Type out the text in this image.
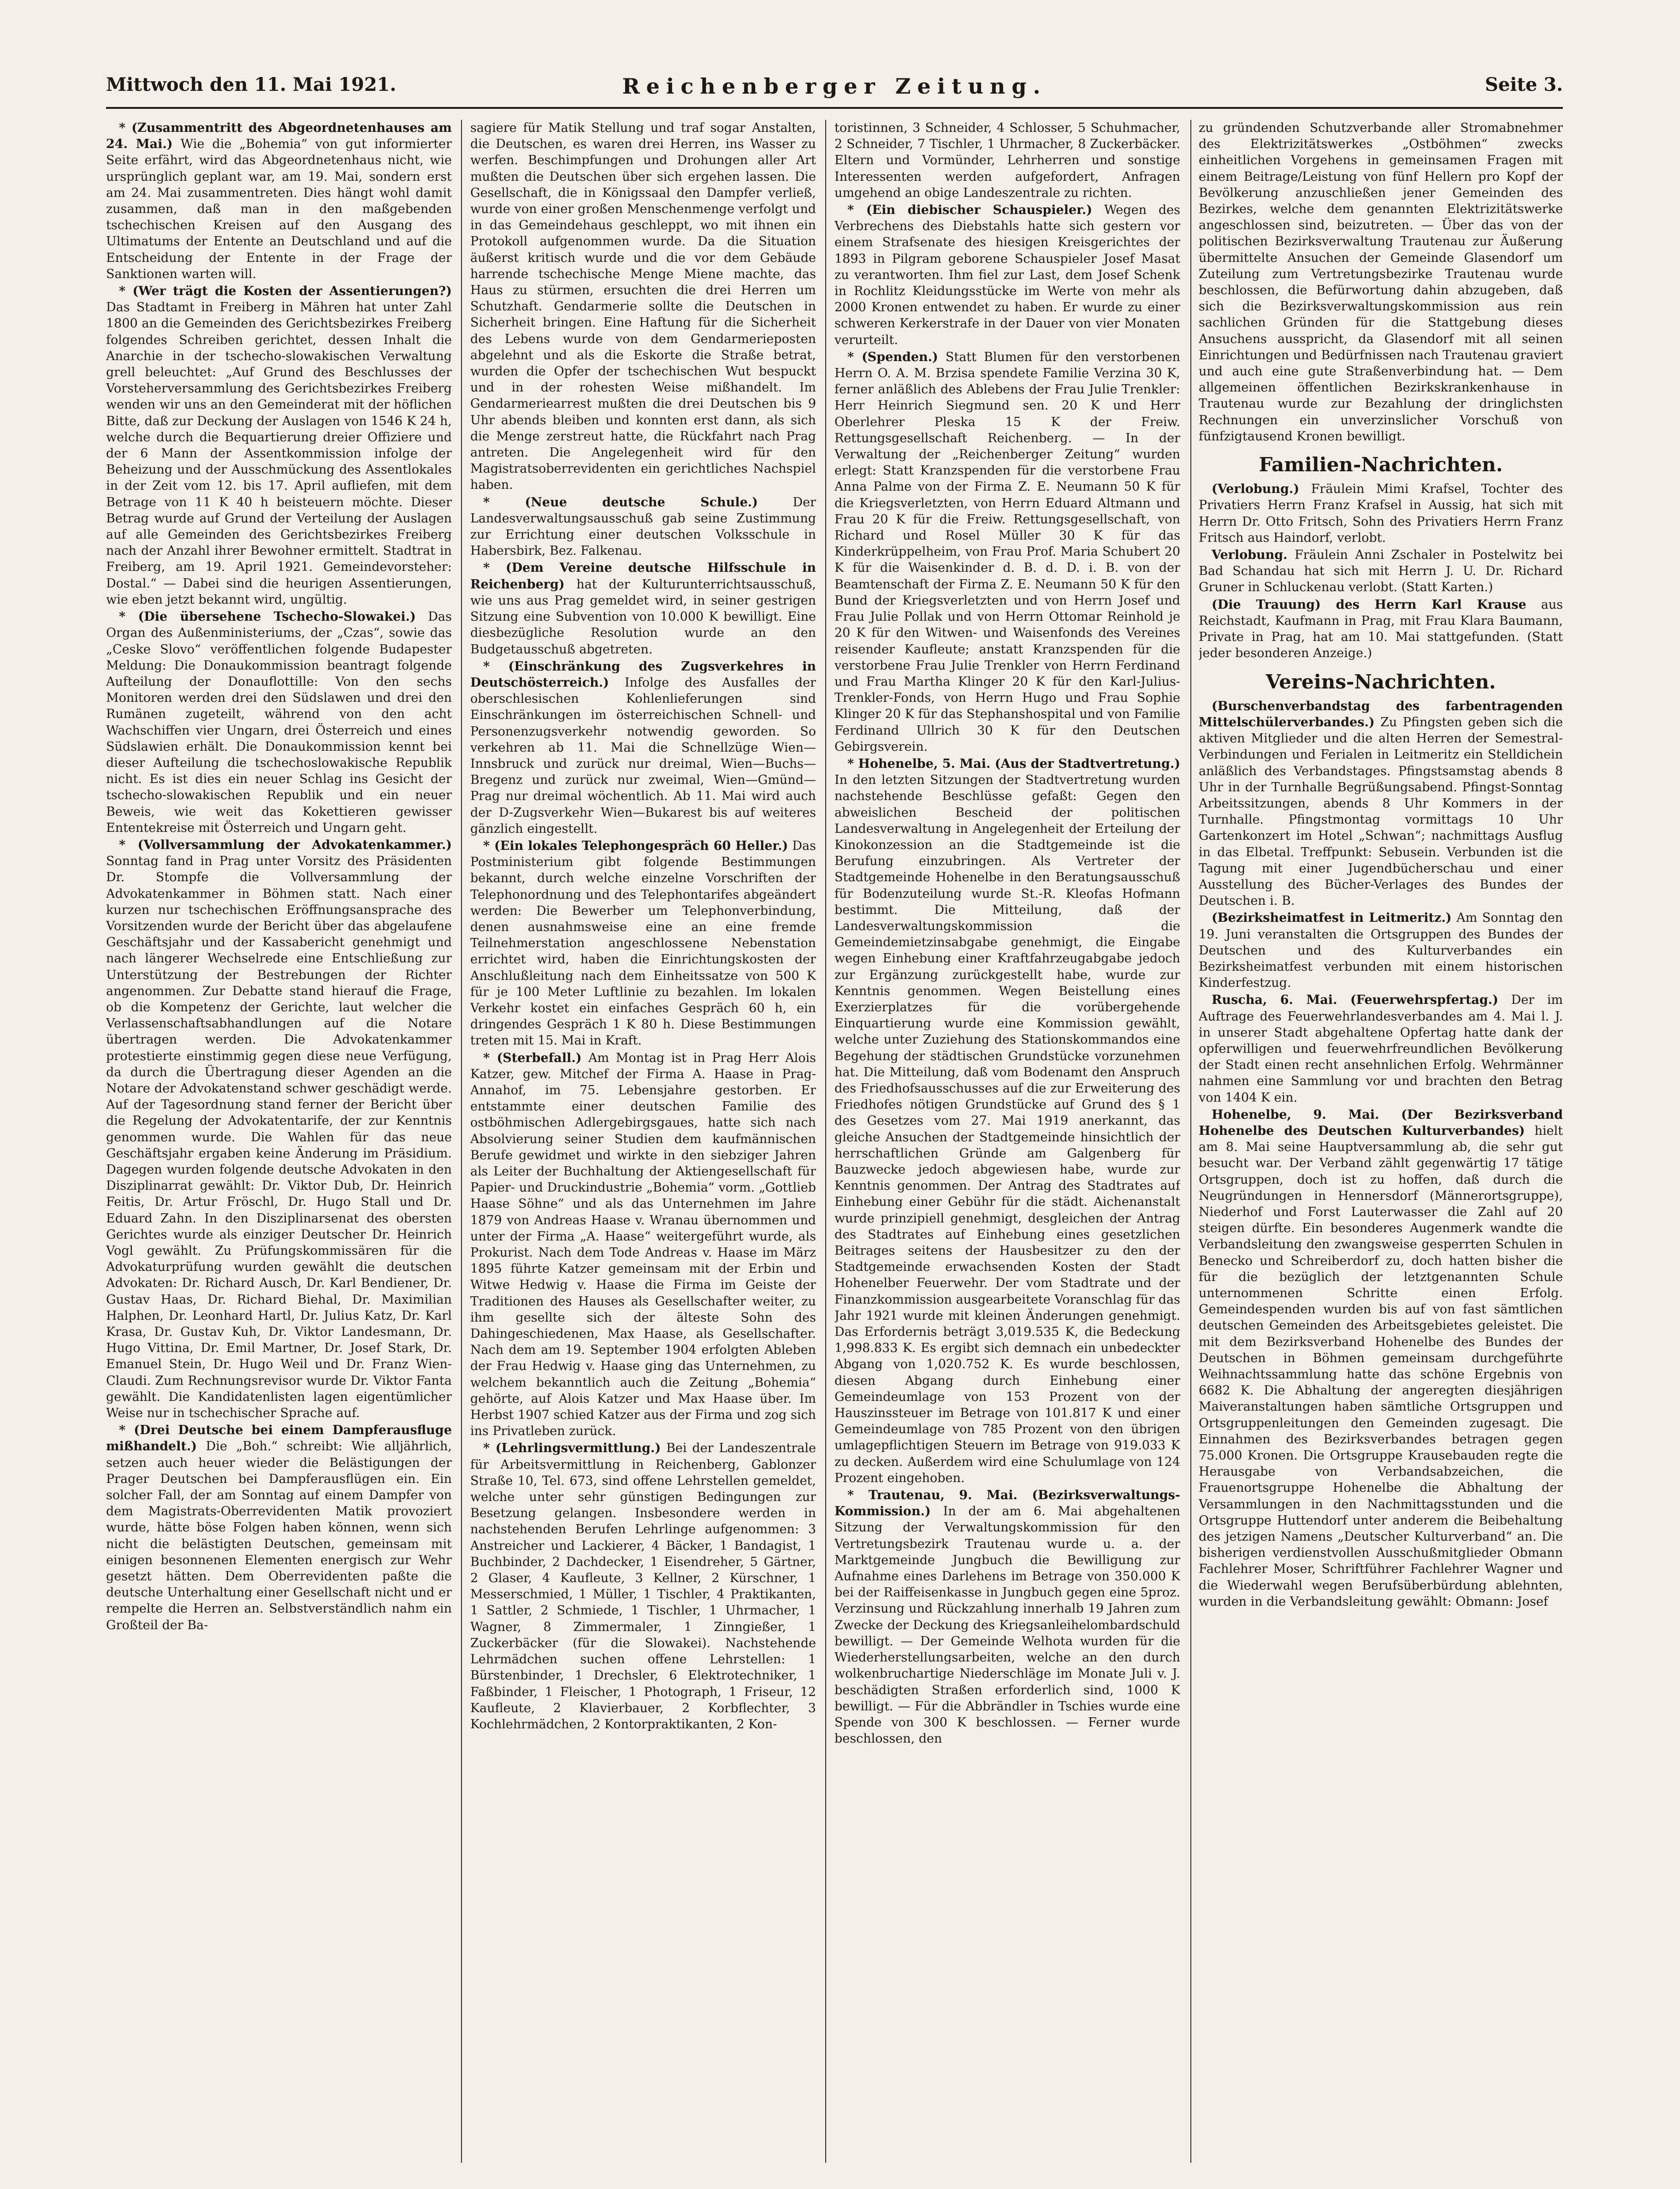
Mittwoch den 11. Mai 1921.	Reichenberger Zeitung.	Seite 3.

* (Zusammentritt des Abgeordnetenhauses am 24. Mai.) Wie die „Bohemia“ von gut informierter Seite erfährt, wird das Abgeordnetenhaus nicht, wie ursprünglich geplant war, am 19. Mai, sondern erst am 24. Mai zusammentreten. Dies hängt wohl damit zusammen, daß man in den maßgebenden tschechischen Kreisen auf den Ausgang des Ultimatums der Entente an Deutschland und auf die Entscheidung der Entente in der Frage der Sanktionen warten will.

* (Wer trägt die Kosten der Assentierungen?) Das Stadtamt in Freiberg in Mähren hat unter Zahl 1800 an die Gemeinden des Gerichtsbezirkes Freiberg folgendes Schreiben gerichtet, dessen Inhalt die Anarchie in der tschecho-slowakischen Verwaltung grell beleuchtet: „Auf Grund des Beschlusses der Vorsteherversammlung des Gerichtsbezirkes Freiberg wenden wir uns an den Gemeinderat mit der höflichen Bitte, daß zur Deckung der Auslagen von 1546 K 24 h, welche durch die Bequartierung dreier Offiziere und der 6 Mann der Assentkommission infolge der Beheizung und der Ausschmückung des Assentlokales in der Zeit vom 12. bis 17. April aufliefen, mit dem Betrage von 11 K 40 h beisteuern möchte. Dieser Betrag wurde auf Grund der Verteilung der Auslagen auf alle Gemeinden des Gerichtsbezirkes Freiberg nach der Anzahl ihrer Bewohner ermittelt. Stadtrat in Freiberg, am 19. April 1921. Gemeindevorsteher: Dostal.“ — Dabei sind die heurigen Assentierungen, wie eben jetzt bekannt wird, ungültig.

* (Die übersehene Tschecho-Slowakei.) Das Organ des Außenministeriums, der „Czas“, sowie das „Ceske Slovo“ veröffentlichen folgende Budapester Meldung: Die Donaukommission beantragt folgende Aufteilung der Donauflottille: Von den sechs Monitoren werden drei den Südslawen und drei den Rumänen zugeteilt, während von den acht Wachschiffen vier Ungarn, drei Österreich und eines Südslawien erhält. Die Donaukommission kennt bei dieser Aufteilung die tschechoslowakische Republik nicht. Es ist dies ein neuer Schlag ins Gesicht der tschecho-slowakischen Republik und ein neuer Beweis, wie weit das Kokettieren gewisser Ententekreise mit Österreich und Ungarn geht.

* (Vollversammlung der Advokatenkammer.) Sonntag fand in Prag unter Vorsitz des Präsidenten Dr. Stompfe die Vollversammlung der Advokatenkammer in Böhmen statt. Nach einer kurzen nur tschechischen Eröffnungsansprache des Vorsitzenden wurde der Bericht über das abgelaufene Geschäftsjahr und der Kassabericht genehmigt und nach längerer Wechselrede eine Entschließung zur Unterstützung der Bestrebungen der Richter angenommen. Zur Debatte stand hierauf die Frage, ob die Kompetenz der Gerichte, laut welcher die Verlassenschaftsabhandlungen auf die Notare übertragen werden. Die Advokatenkammer protestierte einstimmig gegen diese neue Verfügung, da durch die Übertragung dieser Agenden an die Notare der Advokatenstand schwer geschädigt werde. Auf der Tagesordnung stand ferner der Bericht über die Regelung der Advokatentarife, der zur Kenntnis genommen wurde. Die Wahlen für das neue Geschäftsjahr ergaben keine Änderung im Präsidium. Dagegen wurden folgende deutsche Advokaten in den Disziplinarrat gewählt: Dr. Viktor Dub, Dr. Heinrich Feitis, Dr. Artur Fröschl, Dr. Hugo Stall und Dr. Eduard Zahn. In den Disziplinarsenat des obersten Gerichtes wurde als einziger Deutscher Dr. Heinrich Vogl gewählt. Zu Prüfungskommissären für die Advokaturprüfung wurden gewählt die deutschen Advokaten: Dr. Richard Ausch, Dr. Karl Bendiener, Dr. Gustav Haas, Dr. Richard Biehal, Dr. Maximilian Halphen, Dr. Leonhard Hartl, Dr. Julius Katz, Dr. Karl Krasa, Dr. Gustav Kuh, Dr. Viktor Landesmann, Dr. Hugo Vittina, Dr. Emil Martner, Dr. Josef Stark, Dr. Emanuel Stein, Dr. Hugo Weil und Dr. Franz Wien-Claudi. Zum Rechnungsrevisor wurde Dr. Viktor Fanta gewählt. Die Kandidatenlisten lagen eigentümlicher Weise nur in tschechischer Sprache auf.

* (Drei Deutsche bei einem Dampferausfluge mißhandelt.) Die „Boh.“ schreibt: Wie alljährlich, setzen auch heuer wieder die Belästigungen der Prager Deutschen bei Dampferausflügen ein. Ein solcher Fall, der am Sonntag auf einem Dampfer von dem Magistrats-Oberrevidenten Matik provoziert wurde, hätte böse Folgen haben können, wenn sich nicht die belästigten Deutschen, gemeinsam mit einigen besonnenen Elementen energisch zur Wehr gesetzt hätten. Dem Oberrevidenten paßte die deutsche Unterhaltung einer Gesellschaft nicht und er rempelte die Herren an. Selbstverständlich nahm ein Großteil der Ba-

sagiere für Matik Stellung und traf sogar Anstalten, die Deutschen, es waren drei Herren, ins Wasser zu werfen. Beschimpfungen und Drohungen aller Art mußten die Deutschen über sich ergehen lassen. Die Gesellschaft, die in Königssaal den Dampfer verließ, wurde von einer großen Menschenmenge verfolgt und in das Gemeindehaus geschleppt, wo mit ihnen ein Protokoll aufgenommen wurde. Da die Situation äußerst kritisch wurde und die vor dem Gebäude harrende tschechische Menge Miene machte, das Haus zu stürmen, ersuchten die drei Herren um Schutzhaft. Gendarmerie sollte die Deutschen in Sicherheit bringen. Eine Haftung für die Sicherheit des Lebens wurde von dem Gendarmerieposten abgelehnt und als die Eskorte die Straße betrat, wurden die Opfer der tschechischen Wut bespuckt und in der rohesten Weise mißhandelt. Im Gendarmeriearrest mußten die drei Deutschen bis 9 Uhr abends bleiben und konnten erst dann, als sich die Menge zerstreut hatte, die Rückfahrt nach Prag antreten. Die Angelegenheit wird für den Magistratsoberrevidenten ein gerichtliches Nachspiel haben.

* (Neue deutsche Schule.)	Der Landesverwaltungsausschuß gab seine Zustimmung zur Errichtung einer deutschen Volksschule in Habersbirk, Bez. Falkenau.

* (Dem Vereine deutsche Hilfsschule in Reichenberg) hat der Kulturunterrichtsausschuß, wie uns aus Prag gemeldet wird, in seiner gestrigen Sitzung eine Subvention von 10.000 K bewilligt. Eine diesbezügliche Resolution wurde an den Budgetausschuß abgetreten.

* (Einschränkung des Zugsverkehres in Deutschösterreich.) Infolge des Ausfalles der oberschlesischen Kohlenlieferungen sind Einschränkungen im österreichischen Schnell- und Personenzugsverkehr notwendig geworden. So verkehren ab 11. Mai die Schnellzüge Wien—Innsbruck und zurück nur dreimal, Wien—Buchs—Bregenz und zurück nur zweimal, Wien—Gmünd—Prag nur dreimal wöchentlich. Ab 11. Mai wird auch der D-Zugsverkehr Wien—Bukarest bis auf weiteres gänzlich eingestellt.

* (Ein lokales Telephongespräch 60 Heller.) Das Postministerium gibt folgende Bestimmungen bekannt, durch welche einzelne Vorschriften der Telephonordnung und des Telephontarifes abgeändert werden: Die Bewerber um Telephonverbindung, denen ausnahmsweise eine an eine fremde Teilnehmerstation angeschlossene Nebenstation errichtet wird, haben die Einrichtungskosten der Anschlußleitung nach dem Einheitssatze von 500 K für je 100 Meter Luftlinie zu bezahlen. Im lokalen Verkehr kostet ein einfaches Gespräch 60 h, ein dringendes Gespräch 1 K 80 h. Diese Bestimmungen treten mit 15. Mai in Kraft.

* (Sterbefall.) Am Montag ist in Prag Herr Alois Katzer, gew. Mitchef der Firma A. Haase in Prag-Annahof, im 75. Lebensjahre gestorben. Er entstammte einer deutschen Familie des ostböhmischen Adlergebirgsgaues, hatte sich nach Absolvierung seiner Studien dem kaufmännischen Berufe gewidmet und wirkte in den siebziger Jahren als Leiter der Buchhaltung der Aktiengesellschaft für Papier- und Druckindustrie „Bohemia“ vorm. „Gottlieb Haase Söhne“ und als das Unternehmen im Jahre 1879 von Andreas Haase v. Wranau übernommen und unter der Firma „A. Haase“ weitergeführt wurde, als Prokurist. Nach dem Tode Andreas v. Haase im März 1895 führte Katzer gemeinsam mit der Erbin und Witwe Hedwig v. Haase die Firma im Geiste der Traditionen des Hauses als Gesellschafter weiter, zu ihm gesellte sich der älteste Sohn des Dahingeschiedenen, Max Haase, als Gesellschafter. Nach dem am 19. September 1904 erfolgten Ableben der Frau Hedwig v. Haase ging das Unternehmen, zu welchem bekanntlich auch die Zeitung „Bohemia“ gehörte, auf Alois Katzer und Max Haase über. Im Herbst 1907 schied Katzer aus der Firma und zog sich ins Privatleben zurück.

* (Lehrlingsvermittlung.) Bei der Landeszentrale für Arbeitsvermittlung in Reichenberg, Gablonzer Straße 10, Tel. 673, sind offene Lehrstellen gemeldet, welche unter sehr günstigen Bedingungen zur Besetzung gelangen. Insbesondere werden in nachstehenden Berufen Lehrlinge aufgenommen: 3 Anstreicher und Lackierer, 4 Bäcker, 1 Bandagist, 1 Buchbinder, 2 Dachdecker, 1 Eisendreher, 5 Gärtner, 2 Glaser, 4 Kaufleute, 3 Kellner, 2 Kürschner, 1 Messerschmied, 1 Müller, 1 Tischler, 4 Praktikanten, 1 Sattler, 2 Schmiede, 1 Tischler, 1 Uhrmacher, 1 Wagner, 8 Zimmermaler, 1 Zinngießer, 1 Zuckerbäcker (für die Slowakei). Nachstehende Lehrmädchen suchen offene Lehrstellen: 1 Bürstenbinder, 1 Drechsler, 6 Elektrotechniker, 1 Faßbinder, 1 Fleischer, 1 Photograph, 1 Friseur, 12 Kaufleute, 2 Klavierbauer, 2 Korbflechter, 3 Kochlehrmädchen, 2 Kontorpraktikanten, 2 Kon-

toristinnen, 3 Schneider, 4 Schlosser, 5 Schuhmacher, 2 Schneider, 7 Tischler, 1 Uhrmacher, 8 Zuckerbäcker. Eltern und Vormünder, Lehrherren und sonstige Interessenten werden aufgefordert, Anfragen umgehend an obige Landeszentrale zu richten.

* (Ein diebischer Schauspieler.) Wegen des Verbrechens des Diebstahls hatte sich gestern vor einem Strafsenate des hiesigen Kreisgerichtes der 1893 in Pilgram geborene Schauspieler Josef Masat zu verantworten. Ihm fiel zur Last, dem Josef Schenk in Rochlitz Kleidungsstücke im Werte von mehr als 2000 Kronen entwendet zu haben. Er wurde zu einer schweren Kerkerstrafe in der Dauer von vier Monaten verurteilt.

* (Spenden.) Statt Blumen für den verstorbenen Herrn O. A. M. Brzisa spendete Familie Verzina 30 K, ferner anläßlich des Ablebens der Frau Julie Trenkler: Herr Heinrich Siegmund sen. 20 K und Herr Oberlehrer Pleska 15 K der Freiw. Rettungsgesellschaft Reichenberg. — In der Verwaltung der „Reichenberger Zeitung“ wurden erlegt: Statt Kranzspenden für die verstorbene Frau Anna Palme von der Firma Z. E. Neumann 50 K für die Kriegsverletzten, von Herrn Eduard Altmann und Frau 20 K für die Freiw. Rettungsgesellschaft, von Richard und Rosel Müller 30 K für das Kinderkrüppelheim, von Frau Prof. Maria Schubert 20 K für die Waisenkinder d. B. d. D. i. B. von der Beamtenschaft der Firma Z. E. Neumann 50 K für den Bund der Kriegsverletzten und von Herrn Josef und Frau Julie Pollak und von Herrn Ottomar Reinhold je 20 K für den Witwen- und Waisenfonds des Vereines reisender Kaufleute; anstatt Kranzspenden für die verstorbene Frau Julie Trenkler von Herrn Ferdinand und Frau Martha Klinger 20 K für den Karl-Julius-Trenkler-Fonds, von Herrn Hugo und Frau Sophie Klinger 20 K für das Stephanshospital und von Familie Ferdinand Ullrich 30 K für den Deutschen Gebirgsverein.

* Hohenelbe, 5. Mai. (Aus der Stadtvertretung.) In den letzten Sitzungen der Stadtvertretung wurden nachstehende Beschlüsse gefaßt: Gegen den abweislichen Bescheid der politischen Landesverwaltung in Angelegenheit der Erteilung der Kinokonzession an die Stadtgemeinde ist die Berufung einzubringen. Als Vertreter der Stadtgemeinde Hohenelbe in den Beratungsausschuß für Bodenzuteilung wurde St.-R. Kleofas Hofmann bestimmt. Die Mitteilung, daß der Landesverwaltungskommission die Gemeindemietzinsabgabe genehmigt, die Eingabe wegen Einhebung einer Kraftfahrzeugabgabe jedoch zur Ergänzung zurückgestellt habe, wurde zur Kenntnis genommen. Wegen Beistellung eines Exerzierplatzes für die vorübergehende Einquartierung wurde eine Kommission gewählt, welche unter Zuziehung des Stationskommandos eine Begehung der städtischen Grundstücke vorzunehmen hat. Die Mitteilung, daß vom Bodenamt den Anspruch des Friedhofsausschusses auf die zur Erweiterung des Friedhofes nötigen Grundstücke auf Grund des § 1 des Gesetzes vom 27. Mai 1919 anerkannt, das gleiche Ansuchen der Stadtgemeinde hinsichtlich der herrschaftlichen Gründe am Galgenberg für Bauzwecke jedoch abgewiesen habe, wurde zur Kenntnis genommen. Der Antrag des Stadtrates auf Einhebung einer Gebühr für die städt. Aichenanstalt wurde prinzipiell genehmigt, desgleichen der Antrag des Stadtrates auf Einhebung eines gesetzlichen Beitrages seitens der Hausbesitzer zu den der Stadtgemeinde erwachsenden Kosten der Stadt Hohenelber Feuerwehr. Der vom Stadtrate und der Finanzkommission ausgearbeitete Voranschlag für das Jahr 1921 wurde mit kleinen Änderungen genehmigt. Das Erfordernis beträgt 3,019.535 K, die Bedeckung 1,998.833 K. Es ergibt sich demnach ein unbedeckter Abgang von 1,020.752 K. Es wurde beschlossen, diesen Abgang durch Einhebung einer Gemeindeumlage von 153 Prozent von der Hauszinssteuer im Betrage von 101.817 K und einer Gemeindeumlage von 785 Prozent von den übrigen umlagepflichtigen Steuern im Betrage von 919.033 K zu decken. Außerdem wird eine Schulumlage von 124 Prozent eingehoben.

* Trautenau, 9. Mai. (Bezirksverwaltungs-Kommission.) In der am 6. Mai abgehaltenen Sitzung der Verwaltungskommission für den Vertretungsbezirk Trautenau wurde u. a. der Marktgemeinde Jungbuch die Bewilligung zur Aufnahme eines Darlehens im Betrage von 350.000 K bei der Raiffeisenkasse in Jungbuch gegen eine 5proz. Verzinsung und Rückzahlung innerhalb 19 Jahren zum Zwecke der Deckung des Kriegsanleihelombardschuld bewilligt. — Der Gemeinde Welhota wurden für die Wiederherstellungsarbeiten, welche an den durch wolkenbruchartige Niederschläge im Monate Juli v. J. beschädigten Straßen erforderlich sind, 1000 K bewilligt. — Für die Abbrändler in Tschies wurde eine Spende von 300 K beschlossen. — Ferner wurde beschlossen, den

zu gründenden Schutzverbande aller Stromabnehmer des Elektrizitätswerkes „Ostböhmen“ zwecks einheitlichen Vorgehens in gemeinsamen Fragen mit einem Beitrage/Leistung von fünf Hellern pro Kopf der Bevölkerung anzuschließen jener Gemeinden des Bezirkes, welche dem genannten Elektrizitätswerke angeschlossen sind, beizutreten. — Über das von der politischen Bezirksverwaltung Trautenau zur Äußerung übermittelte Ansuchen der Gemeinde Glasendorf um Zuteilung zum Vertretungsbezirke Trautenau wurde beschlossen, die Befürwortung dahin abzugeben, daß sich die Bezirksverwaltungskommission aus rein sachlichen Gründen für die Stattgebung dieses Ansuchens ausspricht, da Glasendorf mit all seinen Einrichtungen und Bedürfnissen nach Trautenau graviert und auch eine gute Straßenverbindung hat. — Dem allgemeinen öffentlichen Bezirkskrankenhause in Trautenau wurde zur Bezahlung der dringlichsten Rechnungen ein unverzinslicher Vorschuß von fünfzigtausend Kronen bewilligt.

Familien-Nachrichten.

(Verlobung.) Fräulein Mimi Krafsel, Tochter des Privatiers Herrn Franz Krafsel in Aussig, hat sich mit Herrn Dr. Otto Fritsch, Sohn des Privatiers Herrn Franz Fritsch aus Haindorf, verlobt.

Verlobung. Fräulein Anni Zschaler in Postelwitz bei Bad Schandau hat sich mit Herrn J. U. Dr. Richard Gruner in Schluckenau verlobt. (Statt Karten.)

(Die Trauung) des Herrn Karl Krause aus Reichstadt, Kaufmann in Prag, mit Frau Klara Baumann, Private in Prag, hat am 10. Mai stattgefunden. (Statt jeder besonderen Anzeige.)

Vereins-Nachrichten.

(Burschenverbandstag des farbentragenden Mittelschülerverbandes.) Zu Pfingsten geben sich die aktiven Mitglieder und die alten Herren der Semestral-Verbindungen und Ferialen in Leitmeritz ein Stelldichein anläßlich des Verbandstages. Pfingstsamstag abends 8 Uhr in der Turnhalle Begrüßungsabend. Pfingst-Sonntag Arbeitssitzungen, abends 8 Uhr Kommers in der Turnhalle. Pfingstmontag vormittags 10 Uhr Gartenkonzert im Hotel „Schwan“; nachmittags Ausflug in das Elbetal. Treffpunkt: Sebusein. Verbunden ist die Tagung mit einer Jugendbücherschau und einer Ausstellung des Bücher-Verlages des Bundes der Deutschen i. B.

(Bezirksheimatfest in Leitmeritz.) Am Sonntag den 19. Juni veranstalten die Ortsgruppen des Bundes der Deutschen und des Kulturverbandes ein Bezirksheimatfest verbunden mit einem historischen Kinderfestzug.

Ruscha, 6. Mai. (Feuerwehrspfertag.) Der im Auftrage des Feuerwehrlandesverbandes am 4. Mai l. J. in unserer Stadt abgehaltene Opfertag hatte dank der opferwilligen und feuerwehrfreundlichen Bevölkerung der Stadt einen recht ansehnlichen Erfolg. Wehrmänner nahmen eine Sammlung vor und brachten den Betrag von 1404 K ein.

Hohenelbe, 9. Mai. (Der Bezirksverband Hohenelbe des Deutschen Kulturverbandes) hielt am 8. Mai seine Hauptversammlung ab, die sehr gut besucht war. Der Verband zählt gegenwärtig 17 tätige Ortsgruppen, doch ist zu hoffen, daß durch die Neugründungen in Hennersdorf (Männerortsgruppe), Niederhof und Forst Lauterwasser die Zahl auf 20 steigen dürfte. Ein besonderes Augenmerk wandte die Verbandsleitung den zwangsweise gesperrten Schulen in Benecko und Schreiberdorf zu, doch hatten bisher die für die bezüglich der letztgenannten Schule unternommenen Schritte einen Erfolg. Gemeindespenden wurden bis auf von fast sämtlichen deutschen Gemeinden des Arbeitsgebietes geleistet. Die mit dem Bezirksverband Hohenelbe des Bundes der Deutschen in Böhmen gemeinsam durchgeführte Weihnachtssammlung hatte das schöne Ergebnis von 6682 K. Die Abhaltung der angeregten diesjährigen Maiveranstaltungen haben sämtliche Ortsgruppen und Ortsgruppenleitungen den Gemeinden zugesagt. Die Einnahmen des Bezirksverbandes betragen gegen 75.000 Kronen. Die Ortsgruppe Krausebauden regte die Herausgabe von Verbandsabzeichen, die Frauenortsgruppe Hohenelbe die Abhaltung der Versammlungen in den Nachmittagsstunden und die Ortsgruppe Huttendorf unter anderem die Beibehaltung des jetzigen Namens „Deutscher Kulturverband“ an. Die bisherigen verdienstvollen Ausschußmitglieder Obmann Fachlehrer Moser, Schriftführer Fachlehrer Wagner und die Wiederwahl wegen Berufsüberbürdung ablehnten, wurden in die Verbandsleitung gewählt: Obmann: Josef
